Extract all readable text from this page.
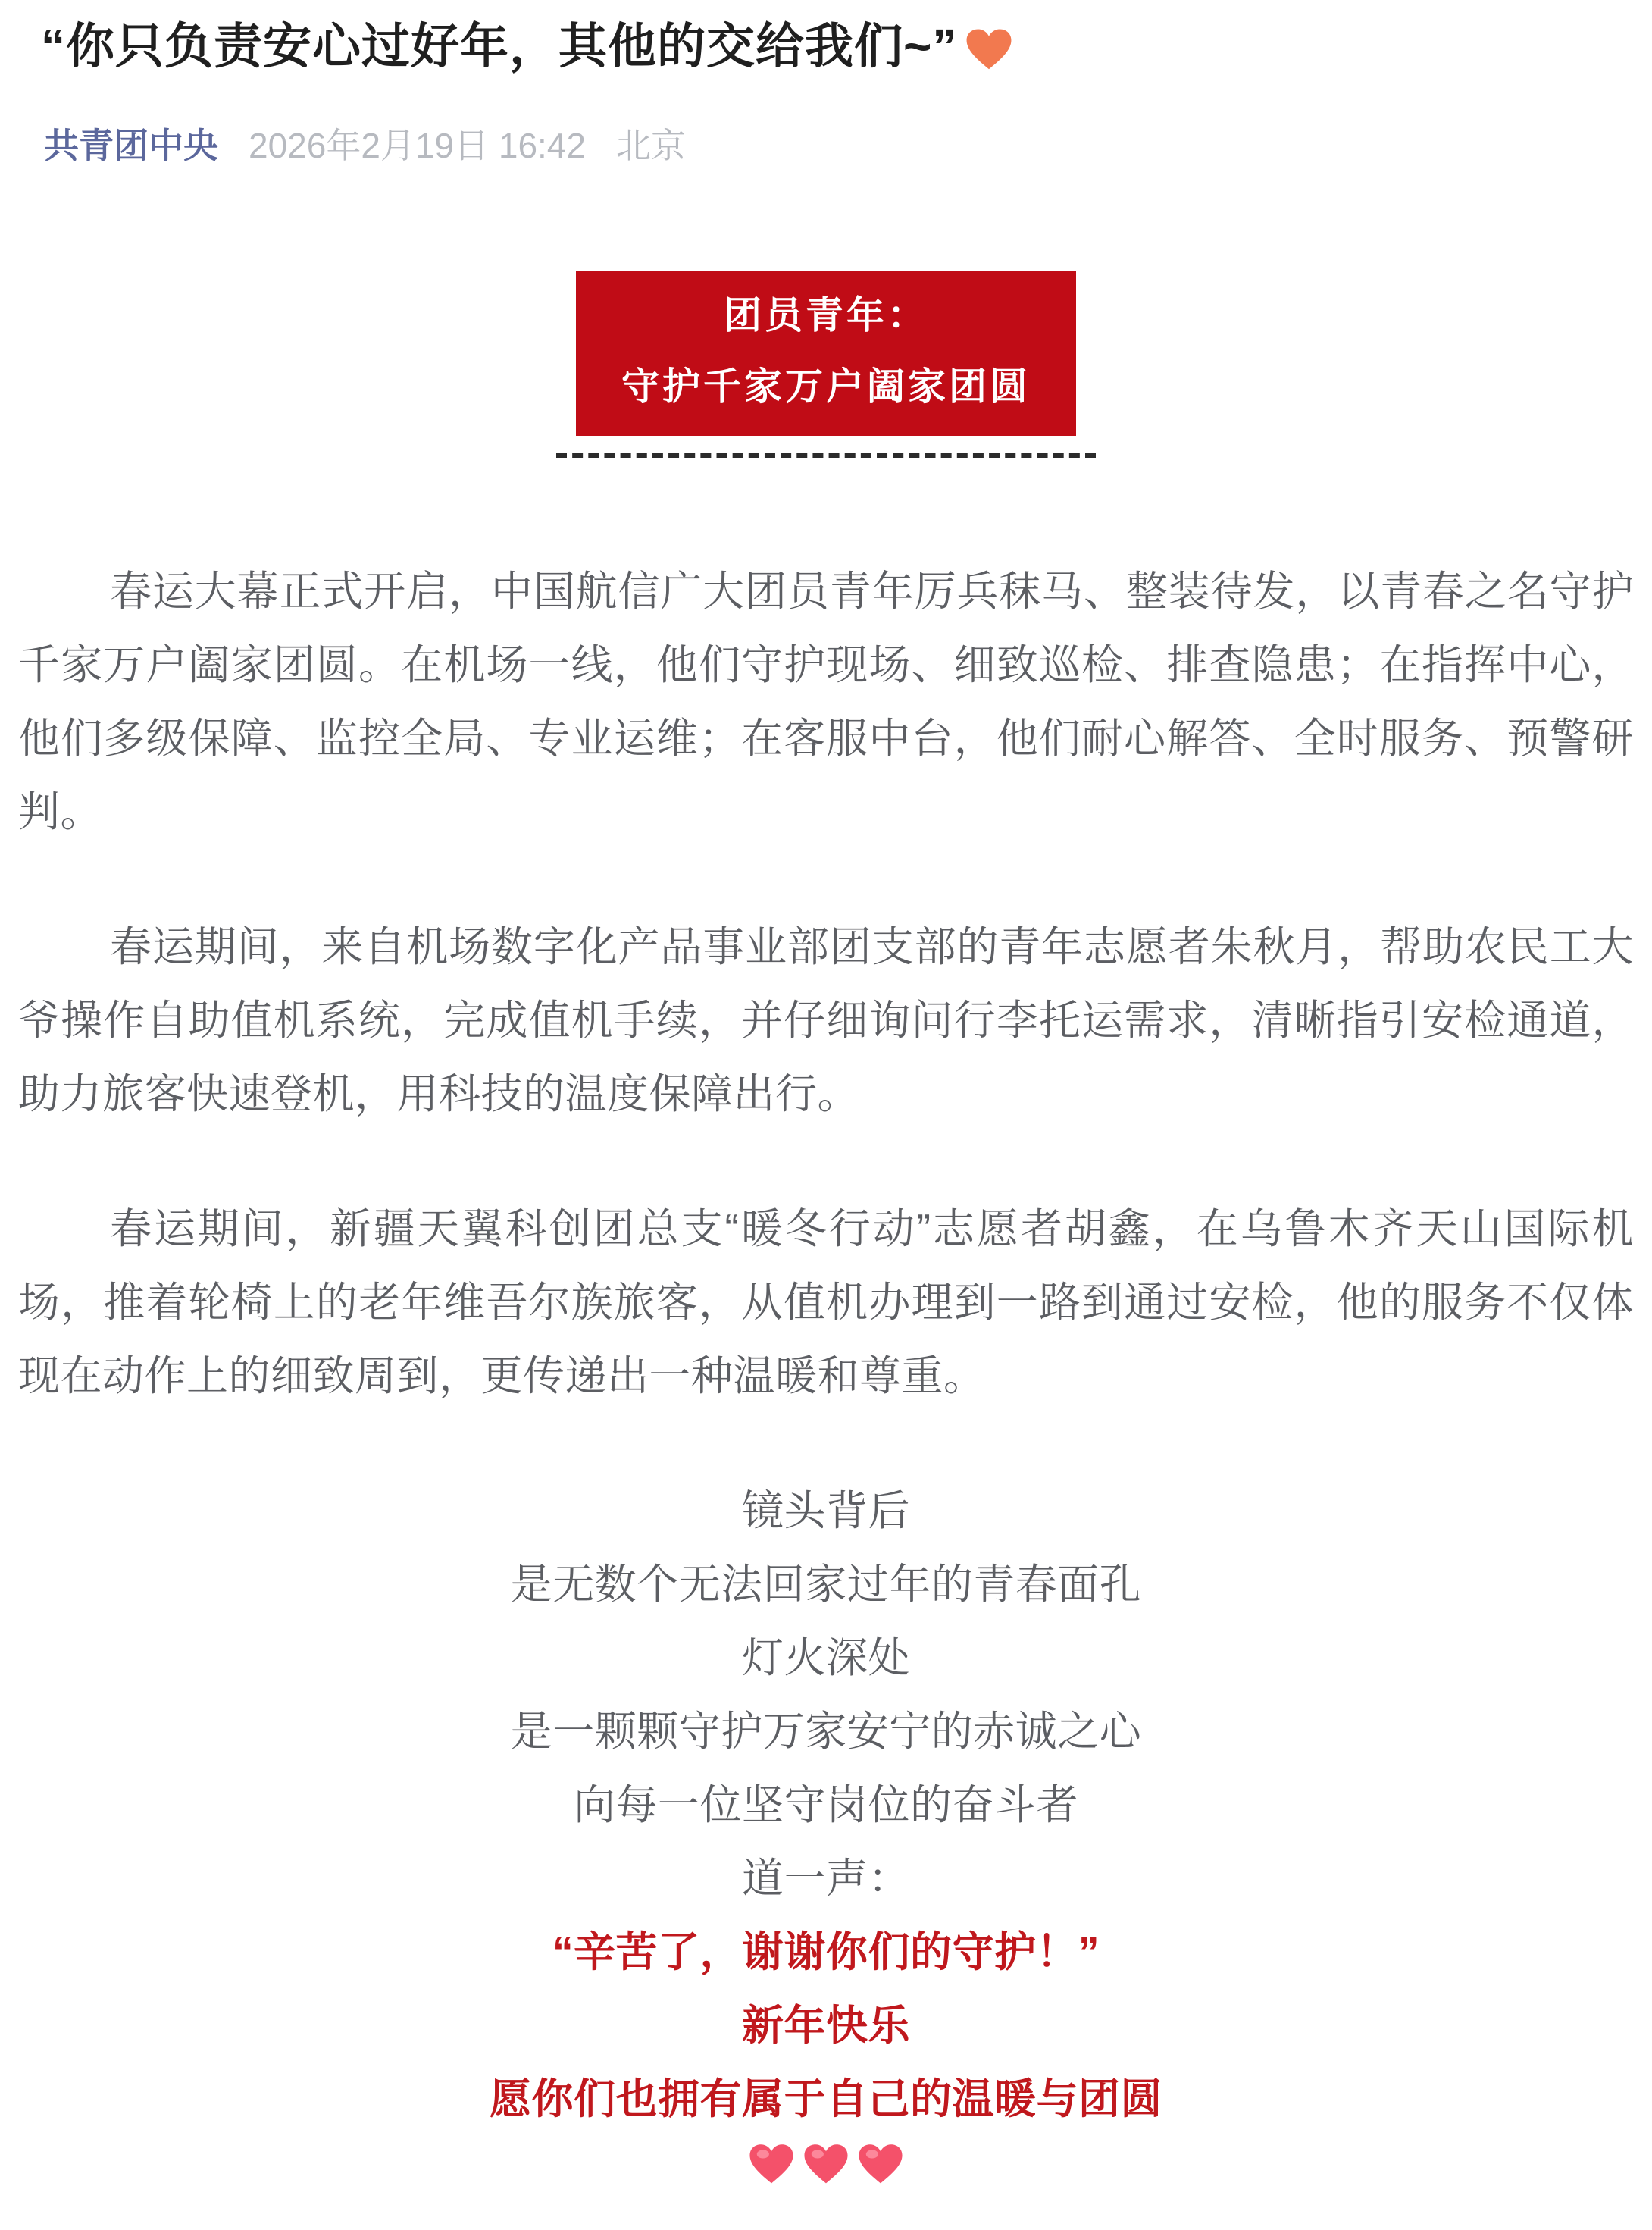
“你只负责安心过好年，其他的交给我们~”
共青团中央 2026年2月19日 16:42 北京
团员青年：
守护千家万户阖家团圆

春运大幕正式开启，中国航信广大团员青年厉兵秣马、整装待发，以青春之名守护千家万户阖家团圆。在机场一线，他们守护现场、细致巡检、排查隐患；在指挥中心，他们多级保障、监控全局、专业运维；在客服中台，他们耐心解答、全时服务、预警研判。

春运期间，来自机场数字化产品事业部团支部的青年志愿者朱秋月，帮助农民工大爷操作自助值机系统，完成值机手续，并仔细询问行李托运需求，清晰指引安检通道，助力旅客快速登机，用科技的温度保障出行。

春运期间，新疆天翼科创团总支“暖冬行动”志愿者胡鑫，在乌鲁木齐天山国际机场，推着轮椅上的老年维吾尔族旅客，从值机办理到一路到通过安检，他的服务不仅体现在动作上的细致周到，更传递出一种温暖和尊重。

镜头背后
是无数个无法回家过年的青春面孔
灯火深处
是一颗颗守护万家安宁的赤诚之心
向每一位坚守岗位的奋斗者
道一声：
“辛苦了，谢谢你们的守护！”
新年快乐
愿你们也拥有属于自己的温暖与团圆
